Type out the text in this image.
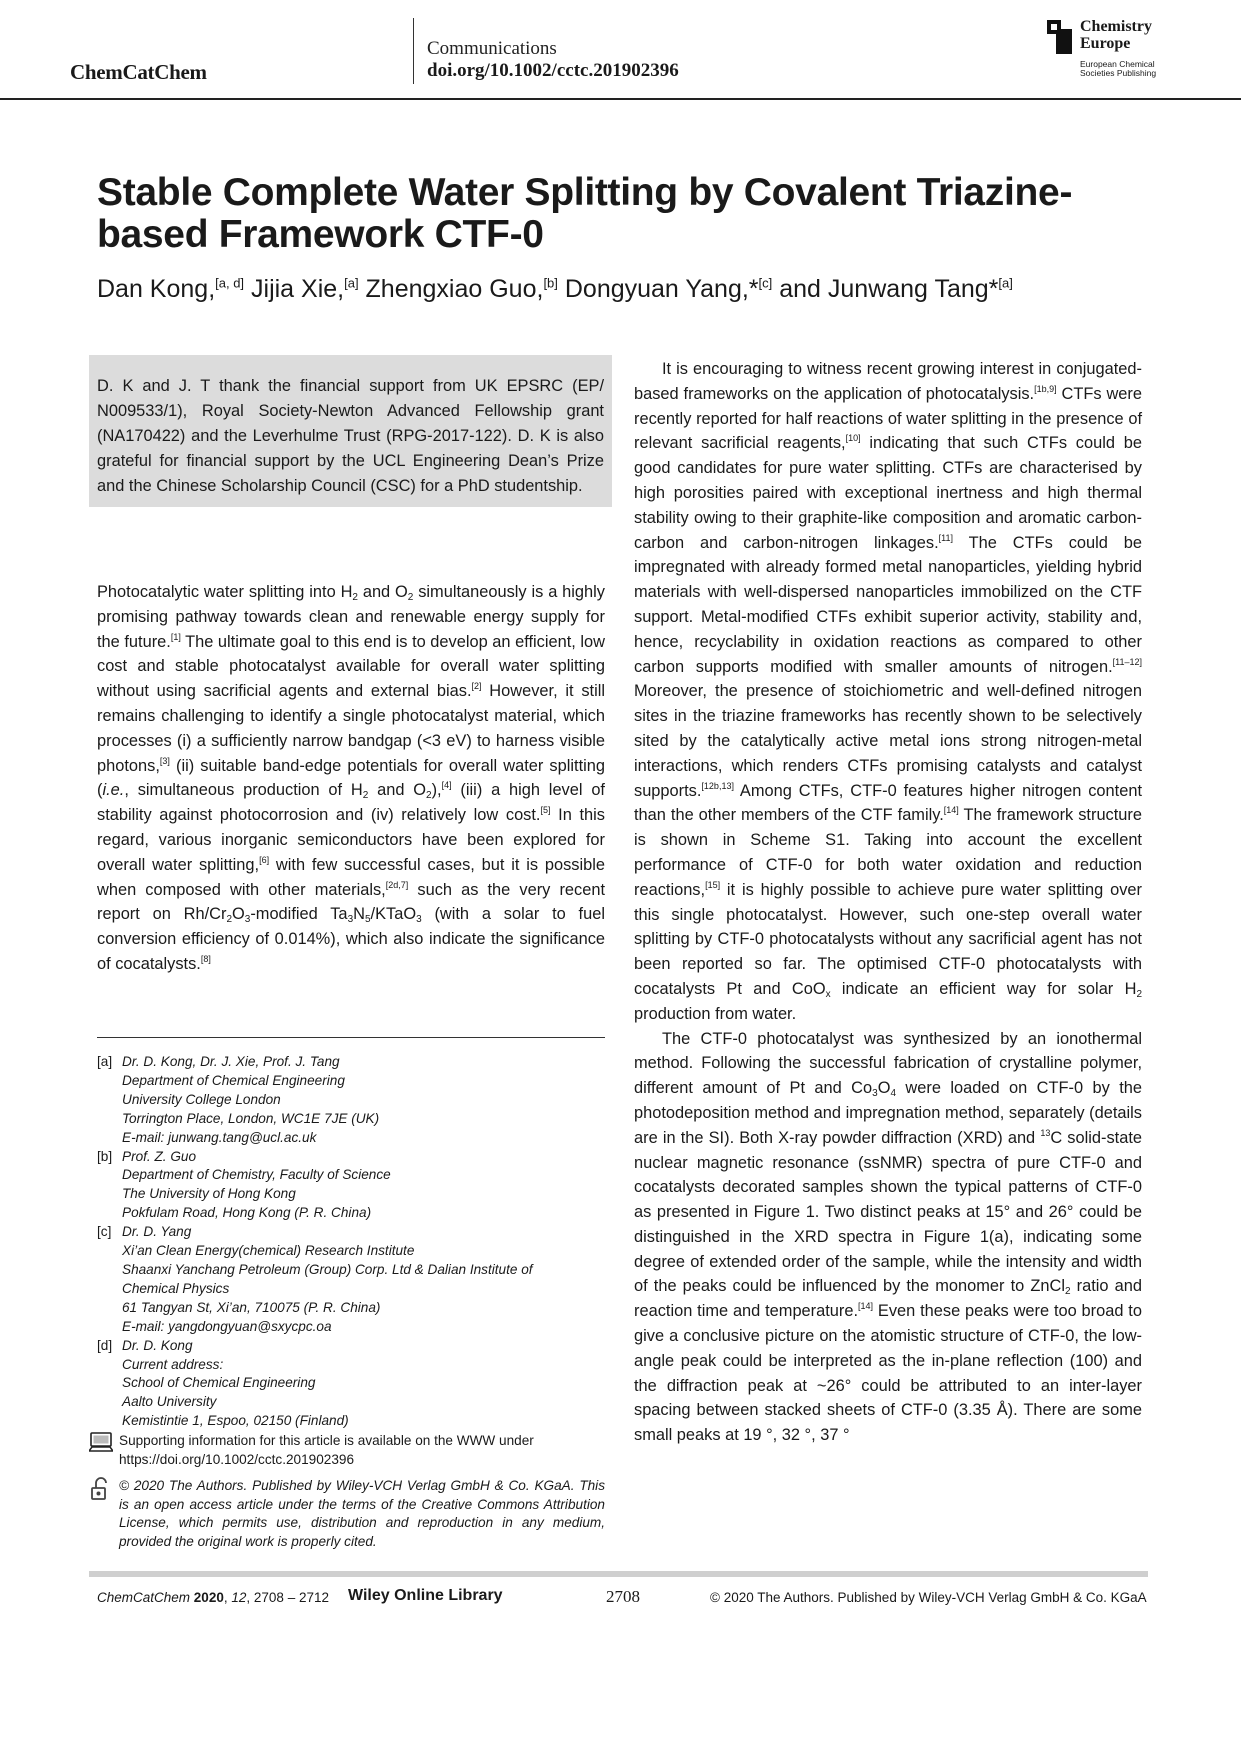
ChemCatChem
Communications
doi.org/10.1002/cctc.201902396
Chemistry
Europe
European Chemical
Societies Publishing
Stable Complete Water Splitting by Covalent Triazine-
based Framework CTF-0
Dan Kong,[a, d] Jijia Xie,[a] Zhengxiao Guo,[b] Dongyuan Yang,*[c] and Junwang Tang*[a]

D. K and J. T thank the financial support from UK EPSRC (EP/ N009533/1), Royal Society-Newton Advanced Fellowship grant (NA170422) and the Leverhulme Trust (RPG-2017-122). D. K is also grateful for financial support by the UCL Engineering Dean’s Prize and the Chinese Scholarship Council (CSC) for a PhD studentship.

Photocatalytic water splitting into $H_2$ and $O_2$ simultaneously is a highly promising pathway towards clean and renewable energy supply for the future.[1] The ultimate goal to this end is to develop an efficient, low cost and stable photocatalyst available for overall water splitting without using sacrificial agents and external bias.[2] However, it still remains challenging to identify a single photocatalyst material, which processes (i) a sufficiently narrow bandgap (<3 eV) to harness visible photons,[3] (ii) suitable band-edge potentials for overall water splitting (i.e., simultaneous production of $H_2$ and $O_2),[4]$ (iii) a high level of stability against photocorrosion and (iv) relatively low cost.[5] In this regard, various inorganic semiconductors have been explored for overall water splitting,[6] with few successful cases, but it is possible when composed with other materials,[2d,7] such as the very recent report on $Rh/Cr_2O_3$-modified $Ta_3N_5/KTaO_3$ (with a solar to fuel conversion efficiency of 0.014%), which also indicate the significance of cocatalysts.[8]

It is encouraging to witness recent growing interest in conjugated-based frameworks on the application of photocatalysis.[1b,9] CTFs were recently reported for half reactions of water splitting in the presence of relevant sacrificial reagents,[10] indicating that such CTFs could be good candidates for pure water splitting. CTFs are characterised by high porosities paired with exceptional inertness and high thermal stability owing to their graphite-like composition and aromatic carbon-carbon and carbon-nitrogen linkages.[11] The CTFs could be impregnated with already formed metal nanoparticles, yielding hybrid materials with well-dispersed nanoparticles immobilized on the CTF support. Metal-modified CTFs exhibit superior activity, stability and, hence, recyclability in oxidation reactions as compared to other carbon supports modified with smaller amounts of nitrogen.[11–12] Moreover, the presence of stoichiometric and well-defined nitrogen sites in the triazine frameworks has recently shown to be selectively sited by the catalytically active metal ions strong nitrogen-metal interactions, which renders CTFs promising catalysts and catalyst supports.[12b,13] Among CTFs, CTF-0 features higher nitrogen content than the other members of the CTF family.[14] The framework structure is shown in Scheme S1. Taking into account the excellent performance of CTF-0 for both water oxidation and reduction reactions,[15] it is highly possible to achieve pure water splitting over this single photocatalyst. However, such one-step overall water splitting by CTF-0 photocatalysts without any sacrificial agent has not been reported so far. The optimised CTF-0 photocatalysts with cocatalysts Pt and CoO$_x$ indicate an efficient way for solar $H_2$ production from water.

The CTF-0 photocatalyst was synthesized by an ionothermal method. Following the successful fabrication of crystalline polymer, different amount of Pt and $Co_3O_4$ were loaded on CTF-0 by the photodeposition method and impregnation method, separately (details are in the SI). Both X-ray powder diffraction (XRD) and $^{13}$C solid-state nuclear magnetic resonance (ssNMR) spectra of pure CTF-0 and cocatalysts decorated samples shown the typical patterns of CTF-0 as presented in Figure 1. Two distinct peaks at 15° and 26° could be distinguished in the XRD spectra in Figure 1(a), indicating some degree of extended order of the sample, while the intensity and width of the peaks could be influenced by the monomer to ZnCl$_2$ ratio and reaction time and temperature.[14] Even these peaks were too broad to give a conclusive picture on the atomistic structure of CTF-0, the low-angle peak could be interpreted as the in-plane reflection (100) and the diffraction peak at ~26° could be attributed to an inter-layer spacing between stacked sheets of CTF-0 (3.35 Å). There are some small peaks at 19 °, 32 °, 37 °

[a] Dr. D. Kong, Dr. J. Xie, Prof. J. Tang
Department of Chemical Engineering
University College London
Torrington Place, London, WC1E 7JE (UK)
E-mail: junwang.tang@ucl.ac.uk
[b] Prof. Z. Guo
Department of Chemistry, Faculty of Science
The University of Hong Kong
Pokfulam Road, Hong Kong (P. R. China)
[c] Dr. D. Yang
Xi’an Clean Energy(chemical) Research Institute
Shaanxi Yanchang Petroleum (Group) Corp. Ltd & Dalian Institute of
Chemical Physics
61 Tangyan St, Xi’an, 710075 (P. R. China)
E-mail: yangdongyuan@sxycpc.oa
[d] Dr. D. Kong
Current address:
School of Chemical Engineering
Aalto University
Kemistintie 1, Espoo, 02150 (Finland)
Supporting information for this article is available on the WWW under https://doi.org/10.1002/cctc.201902396
© 2020 The Authors. Published by Wiley-VCH Verlag GmbH & Co. KGaA. This is an open access article under the terms of the Creative Commons Attribution License, which permits use, distribution and reproduction in any medium, provided the original work is properly cited.
ChemCatChem 2020, 12, 2708 – 2712 Wiley Online Library	2708	© 2020 The Authors. Published by Wiley-VCH Verlag GmbH & Co. KGaA
